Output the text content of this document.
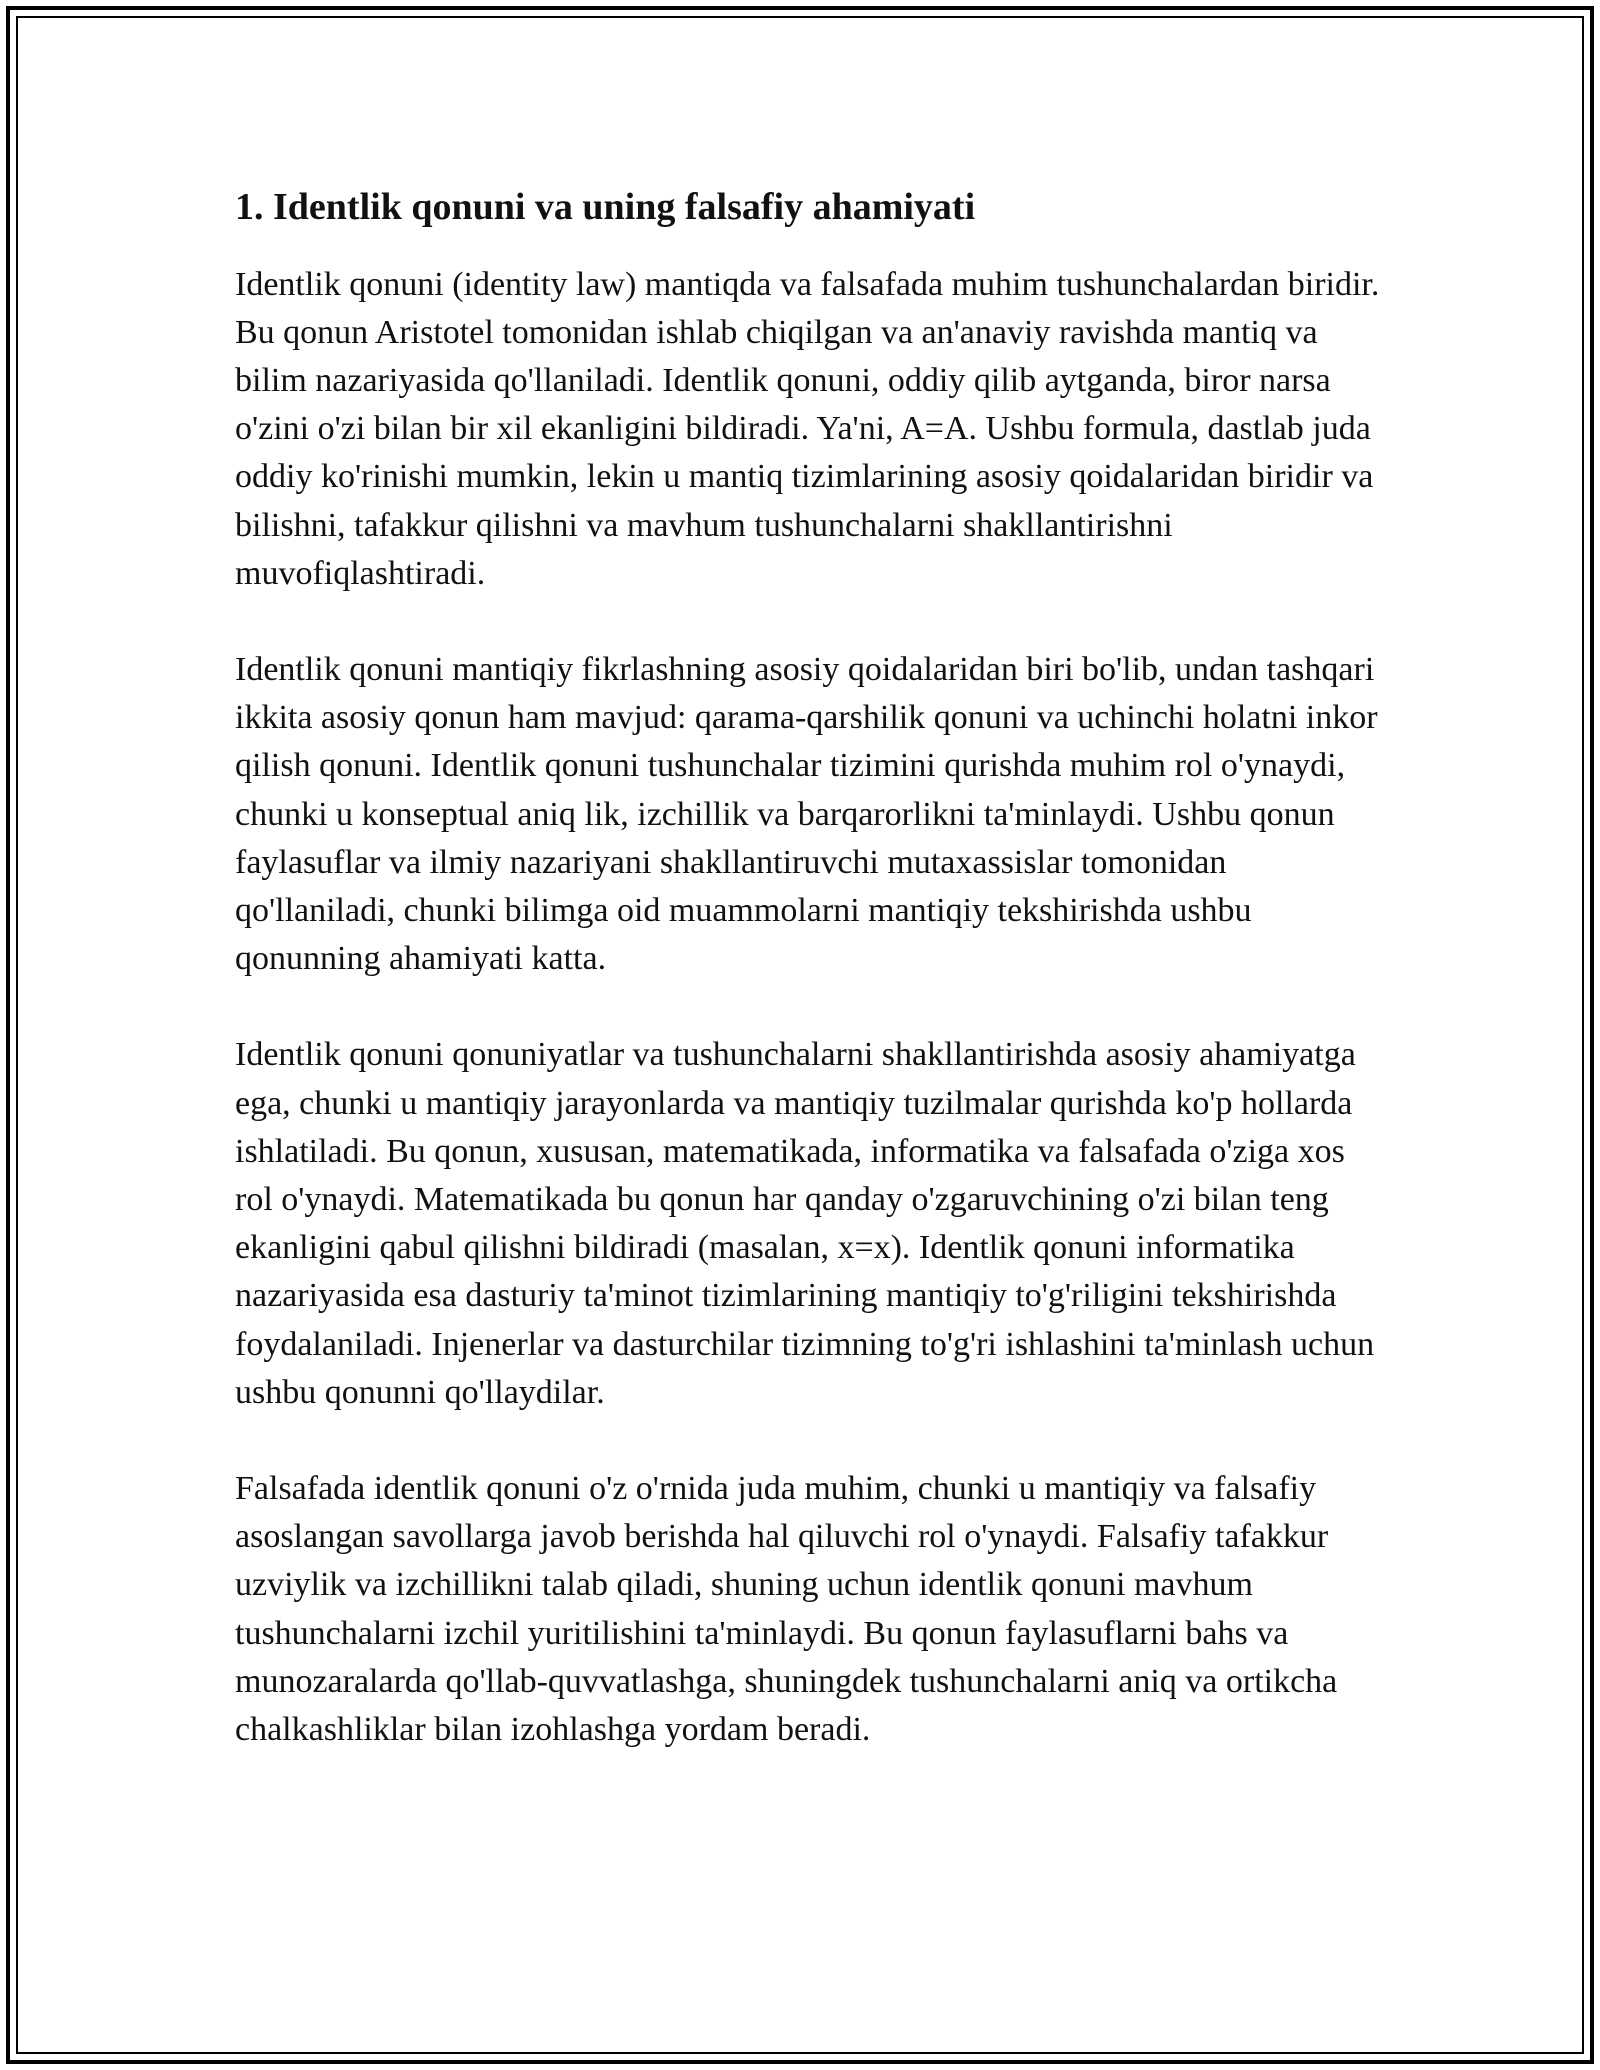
1. Identlik qonuni va uning falsafiy ahamiyati

Identlik qonuni (identity law) mantiqda va falsafada muhim tushunchalardan biridir. Bu qonun Aristotel tomonidan ishlab chiqilgan va an'anaviy ravishda mantiq va bilim nazariyasida qo'llaniladi. Identlik qonuni, oddiy qilib aytganda, biror narsa o'zini o'zi bilan bir xil ekanligini bildiradi. Ya'ni, A=A. Ushbu formula, dastlab juda oddiy ko'rinishi mumkin, lekin u mantiq tizimlarining asosiy qoidalaridan biridir va bilishni, tafakkur qilishni va mavhum tushunchalarni shakllantirishni muvofiqlashtiradi.

Identlik qonuni mantiqiy fikrlashning asosiy qoidalaridan biri bo'lib, undan tashqari ikkita asosiy qonun ham mavjud: qarama-qarshilik qonuni va uchinchi holatni inkor qilish qonuni. Identlik qonuni tushunchalar tizimini qurishda muhim rol o'ynaydi, chunki u konseptual aniq lik, izchillik va barqarorlikni ta'minlaydi. Ushbu qonun faylasuflar va ilmiy nazariyani shakllantiruvchi mutaxassislar tomonidan qo'llaniladi, chunki bilimga oid muammolarni mantiqiy tekshirishda ushbu qonunning ahamiyati katta.

Identlik qonuni qonuniyatlar va tushunchalarni shakllantirishda asosiy ahamiyatga ega, chunki u mantiqiy jarayonlarda va mantiqiy tuzilmalar qurishda ko'p hollarda ishlatiladi. Bu qonun, xususan, matematikada, informatika va falsafada o'ziga xos rol o'ynaydi. Matematikada bu qonun har qanday o'zgaruvchining o'zi bilan teng ekanligini qabul qilishni bildiradi (masalan, x=x). Identlik qonuni informatika nazariyasida esa dasturiy ta'minot tizimlarining mantiqiy to'g'riligini tekshirishda foydalaniladi. Injenerlar va dasturchilar tizimning to'g'ri ishlashini ta'minlash uchun ushbu qonunni qo'llaydilar.

Falsafada identlik qonuni o'z o'rnida juda muhim, chunki u mantiqiy va falsafiy asoslangan savollarga javob berishda hal qiluvchi rol o'ynaydi. Falsafiy tafakkur uzviylik va izchillikni talab qiladi, shuning uchun identlik qonuni mavhum tushunchalarni izchil yuritilishini ta'minlaydi. Bu qonun faylasuflarni bahs va munozaralarda qo'llab-quvvatlashga, shuningdek tushunchalarni aniq va ortikcha chalkashliklar bilan izohlashga yordam beradi.
